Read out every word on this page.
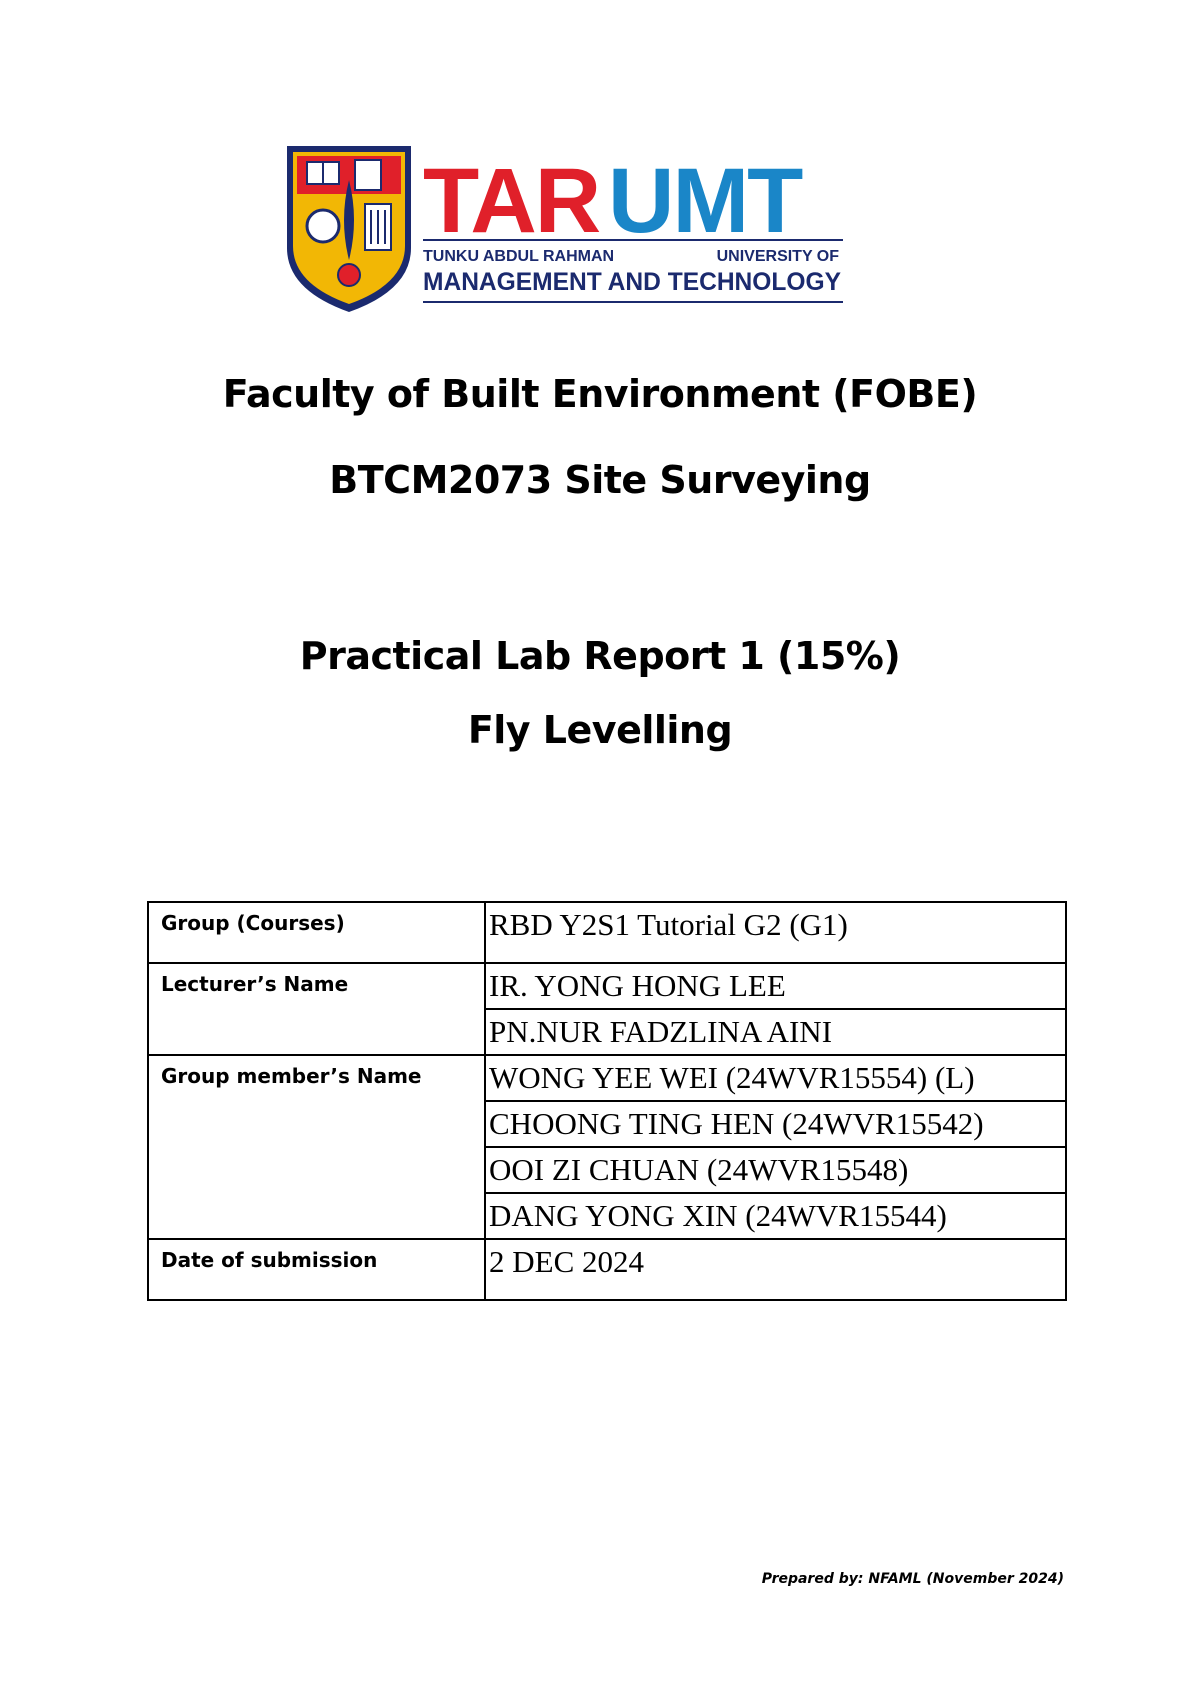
TAR UMT
TUNKU ABDUL RAHMAN	UNIVERSITY OF
MANAGEMENT AND TECHNOLOGY
Faculty of Built Environment (FOBE)
BTCM2073 Site Surveying
Practical Lab Report 1 (15%)
Fly Levelling
Group (Courses)	RBD Y2S1 Tutorial G2 (G1)
Lecturer’s Name	IR. YONG HONG LEE
	PN.NUR FADZLINA AINI
Group member’s Name	WONG YEE WEI (24WVR15554) (L)
	CHOONG TING HEN (24WVR15542)
	OOI ZI CHUAN (24WVR15548)
	DANG YONG XIN (24WVR15544)
Date of submission	2 DEC 2024
Prepared by: NFAML (November 2024)
